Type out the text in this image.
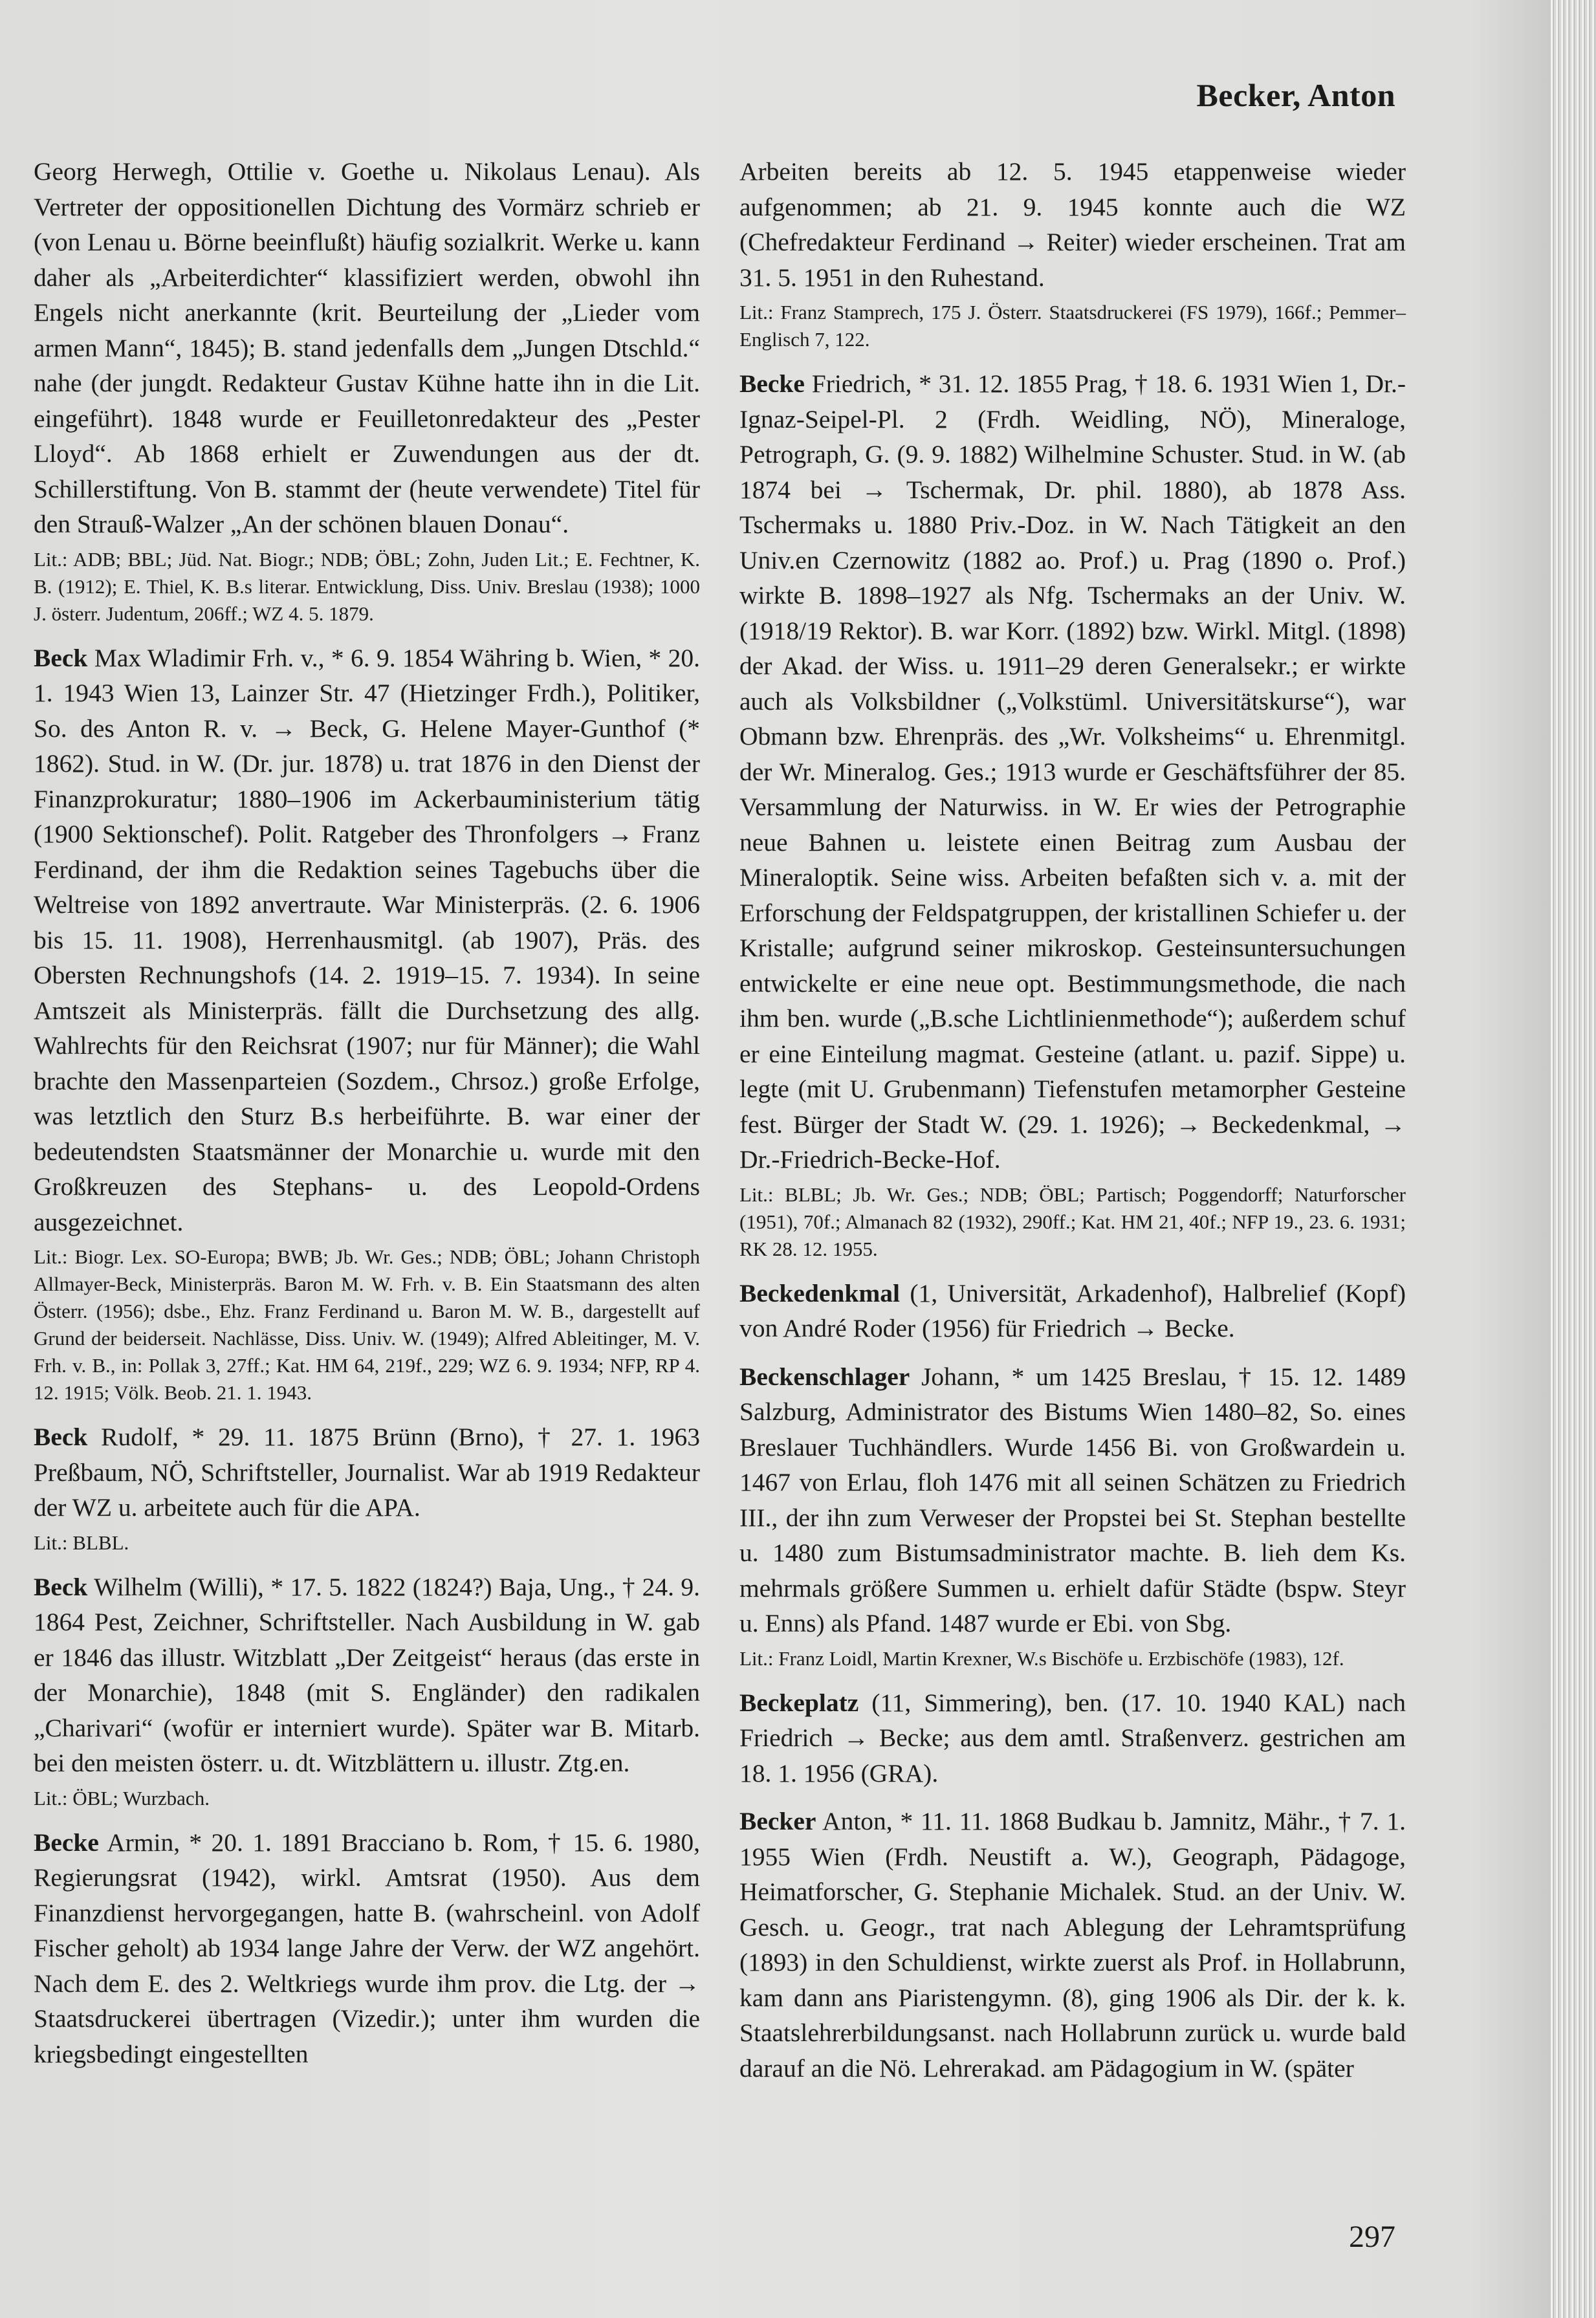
Becker, Anton

Georg Herwegh, Ottilie v. Goethe u. Nikolaus Lenau). Als Vertreter der oppositionellen Dichtung des Vormärz schrieb er (von Lenau u. Börne beeinflußt) häufig sozialkrit. Werke u. kann daher als „Arbeiterdichter“ klassifiziert werden, obwohl ihn Engels nicht anerkannte (krit. Beurteilung der „Lieder vom armen Mann“, 1845); B. stand jedenfalls dem „Jungen Dtschld.“ nahe (der jungdt. Redakteur Gustav Kühne hatte ihn in die Lit. eingeführt). 1848 wurde er Feuilletonredakteur des „Pester Lloyd“. Ab 1868 erhielt er Zuwendungen aus der dt. Schillerstiftung. Von B. stammt der (heute verwendete) Titel für den Strauß-Walzer „An der schönen blauen Donau“.

Lit.: ADB; BBL; Jüd. Nat. Biogr.; NDB; ÖBL; Zohn, Juden Lit.; E. Fechtner, K. B. (1912); E. Thiel, K. B.s literar. Entwicklung, Diss. Univ. Breslau (1938); 1000 J. österr. Judentum, 206ff.; WZ 4. 5. 1879.

Beck Max Wladimir Frh. v., * 6. 9. 1854 Währing b. Wien, * 20. 1. 1943 Wien 13, Lainzer Str. 47 (Hietzinger Frdh.), Politiker, So. des Anton R. v. → Beck, G. Helene Mayer-Gunthof (* 1862). Stud. in W. (Dr. jur. 1878) u. trat 1876 in den Dienst der Finanzprokuratur; 1880–1906 im Ackerbauministerium tätig (1900 Sektionschef). Polit. Ratgeber des Thronfolgers → Franz Ferdinand, der ihm die Redaktion seines Tagebuchs über die Weltreise von 1892 anvertraute. War Ministerpräs. (2. 6. 1906 bis 15. 11. 1908), Herrenhausmitgl. (ab 1907), Präs. des Obersten Rechnungshofs (14. 2. 1919–15. 7. 1934). In seine Amtszeit als Ministerpräs. fällt die Durchsetzung des allg. Wahlrechts für den Reichsrat (1907; nur für Männer); die Wahl brachte den Massenparteien (Sozdem., Chrsoz.) große Erfolge, was letztlich den Sturz B.s herbeiführte. B. war einer der bedeutendsten Staatsmänner der Monarchie u. wurde mit den Großkreuzen des Stephans- u. des Leopold-Ordens ausgezeichnet.

Lit.: Biogr. Lex. SO-Europa; BWB; Jb. Wr. Ges.; NDB; ÖBL; Johann Christoph Allmayer-Beck, Ministerpräs. Baron M. W. Frh. v. B. Ein Staatsmann des alten Österr. (1956); dsbe., Ehz. Franz Ferdinand u. Baron M. W. B., dargestellt auf Grund der beiderseit. Nachlässe, Diss. Univ. W. (1949); Alfred Ableitinger, M. V. Frh. v. B., in: Pollak 3, 27ff.; Kat. HM 64, 219f., 229; WZ 6. 9. 1934; NFP, RP 4. 12. 1915; Völk. Beob. 21. 1. 1943.

Beck Rudolf, * 29. 11. 1875 Brünn (Brno), † 27. 1. 1963 Preßbaum, NÖ, Schriftsteller, Journalist. War ab 1919 Redakteur der WZ u. arbeitete auch für die APA.

Lit.: BLBL.

Beck Wilhelm (Willi), * 17. 5. 1822 (1824?) Baja, Ung., † 24. 9. 1864 Pest, Zeichner, Schriftsteller. Nach Ausbildung in W. gab er 1846 das illustr. Witzblatt „Der Zeitgeist“ heraus (das erste in der Monarchie), 1848 (mit S. Engländer) den radikalen „Charivari“ (wofür er interniert wurde). Später war B. Mitarb. bei den meisten österr. u. dt. Witzblättern u. illustr. Ztg.en.

Lit.: ÖBL; Wurzbach.

Becke Armin, * 20. 1. 1891 Bracciano b. Rom, † 15. 6. 1980, Regierungsrat (1942), wirkl. Amtsrat (1950). Aus dem Finanzdienst hervorgegangen, hatte B. (wahrscheinl. von Adolf Fischer geholt) ab 1934 lange Jahre der Verw. der WZ angehört. Nach dem E. des 2. Weltkriegs wurde ihm prov. die Ltg. der → Staatsdruckerei übertragen (Vizedir.); unter ihm wurden die kriegsbedingt eingestellten

Arbeiten bereits ab 12. 5. 1945 etappenweise wieder aufgenommen; ab 21. 9. 1945 konnte auch die WZ (Chefredakteur Ferdinand → Reiter) wieder erscheinen. Trat am 31. 5. 1951 in den Ruhestand.

Lit.: Franz Stamprech, 175 J. Österr. Staatsdruckerei (FS 1979), 166f.; Pemmer–Englisch 7, 122.

Becke Friedrich, * 31. 12. 1855 Prag, † 18. 6. 1931 Wien 1, Dr.-Ignaz-Seipel-Pl. 2 (Frdh. Weidling, NÖ), Mineraloge, Petrograph, G. (9. 9. 1882) Wilhelmine Schuster. Stud. in W. (ab 1874 bei → Tschermak, Dr. phil. 1880), ab 1878 Ass. Tschermaks u. 1880 Priv.-Doz. in W. Nach Tätigkeit an den Univ.en Czernowitz (1882 ao. Prof.) u. Prag (1890 o. Prof.) wirkte B. 1898–1927 als Nfg. Tschermaks an der Univ. W. (1918/19 Rektor). B. war Korr. (1892) bzw. Wirkl. Mitgl. (1898) der Akad. der Wiss. u. 1911–29 deren Generalsekr.; er wirkte auch als Volksbildner („Volkstüml. Universitätskurse“), war Obmann bzw. Ehrenpräs. des „Wr. Volksheims“ u. Ehrenmitgl. der Wr. Mineralog. Ges.; 1913 wurde er Geschäftsführer der 85. Versammlung der Naturwiss. in W. Er wies der Petrographie neue Bahnen u. leistete einen Beitrag zum Ausbau der Mineraloptik. Seine wiss. Arbeiten befaßten sich v. a. mit der Erforschung der Feldspatgruppen, der kristallinen Schiefer u. der Kristalle; aufgrund seiner mikroskop. Gesteinsuntersuchungen entwickelte er eine neue opt. Bestimmungsmethode, die nach ihm ben. wurde („B.sche Lichtlinienmethode“); außerdem schuf er eine Einteilung magmat. Gesteine (atlant. u. pazif. Sippe) u. legte (mit U. Grubenmann) Tiefenstufen metamorpher Gesteine fest. Bürger der Stadt W. (29. 1. 1926); → Beckedenkmal, → Dr.-Friedrich-Becke-Hof.

Lit.: BLBL; Jb. Wr. Ges.; NDB; ÖBL; Partisch; Poggendorff; Naturforscher (1951), 70f.; Almanach 82 (1932), 290ff.; Kat. HM 21, 40f.; NFP 19., 23. 6. 1931; RK 28. 12. 1955.

Beckedenkmal (1, Universität, Arkadenhof), Halbrelief (Kopf) von André Roder (1956) für Friedrich → Becke.

Beckenschlager Johann, * um 1425 Breslau, † 15. 12. 1489 Salzburg, Administrator des Bistums Wien 1480–82, So. eines Breslauer Tuchhändlers. Wurde 1456 Bi. von Großwardein u. 1467 von Erlau, floh 1476 mit all seinen Schätzen zu Friedrich III., der ihn zum Verweser der Propstei bei St. Stephan bestellte u. 1480 zum Bistumsadministrator machte. B. lieh dem Ks. mehrmals größere Summen u. erhielt dafür Städte (bspw. Steyr u. Enns) als Pfand. 1487 wurde er Ebi. von Sbg.

Lit.: Franz Loidl, Martin Krexner, W.s Bischöfe u. Erzbischöfe (1983), 12f.

Beckeplatz (11, Simmering), ben. (17. 10. 1940 KAL) nach Friedrich → Becke; aus dem amtl. Straßenverz. gestrichen am 18. 1. 1956 (GRA).

Becker Anton, * 11. 11. 1868 Budkau b. Jamnitz, Mähr., † 7. 1. 1955 Wien (Frdh. Neustift a. W.), Geograph, Pädagoge, Heimatforscher, G. Stephanie Michalek. Stud. an der Univ. W. Gesch. u. Geogr., trat nach Ablegung der Lehramtsprüfung (1893) in den Schuldienst, wirkte zuerst als Prof. in Hollabrunn, kam dann ans Piaristengymn. (8), ging 1906 als Dir. der k. k. Staatslehrerbildungsanst. nach Hollabrunn zurück u. wurde bald darauf an die Nö. Lehrerakad. am Pädagogium in W. (später

297
